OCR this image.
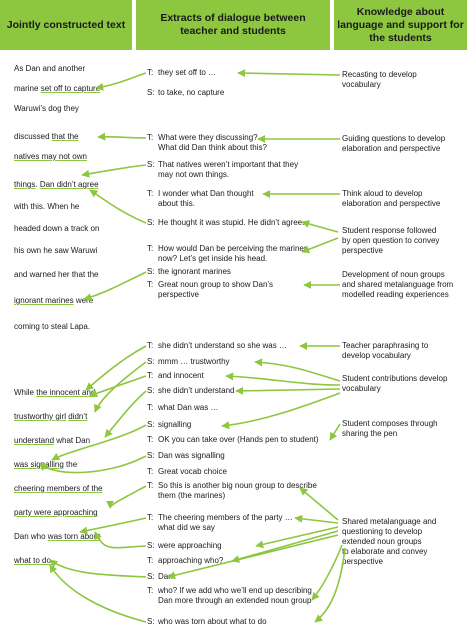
Jointly constructed text
Extracts of dialogue between
teacher and students
Knowledge about
language and support for
the students
As Dan and another
marine set off to capture
Waruwi’s dog they
discussed that the
natives may not own
things. Dan didn’t agree
with this. When he
headed down a track on
his own he saw Waruwi
and warned her that the
ignorant marines were
coming to steal Lapa.
While the innocent and
trustworthy girl didn’t
understand what Dan
was signalling the
cheering members of the
party were approaching
Dan who was torn about
what to do.
T: they set off to …
S: to take, no capture
T: What were they discussing?
What did Dan think about this?
S: That natives weren’t important that they
may not own things.
T: I wonder what Dan thought
about this.
S: He thought it was stupid. He didn’t agree.
T: How would Dan be perceiving the marines
now? Let’s get inside his head.
S: the ignorant marines
T: Great noun group to show Dan’s
perspective
T: she didn’t understand so she was …
S: mmm … trustworthy
T: and innocent
S: she didn’t understand
T: what Dan was …
S: signalling
T: OK you can take over (Hands pen to student)
S: Dan was signalling
T: Great vocab choice
T: So this is another big noun group to describe
them (the marines)
T: The cheering members of the party …
what did we say
S: were approaching
T: approaching who?
S: Dan
T: who? If we add who we’ll end up describing
Dan more through an extended noun group
S: who was torn about what to do
Recasting to develop
vocabulary
Guiding questions to develop
elaboration and perspective
Think aloud to develop
elaboration and perspective
Student response followed
by open question to convey
perspective
Development of noun groups
and shared metalanguage from
modelled reading experiences
Teacher paraphrasing to
develop vocabulary
Student contributions develop
vocabulary
Student composes through
sharing the pen
Shared metalanguage and
questioning to develop
extended noun groups
to elaborate and convey
perspective
